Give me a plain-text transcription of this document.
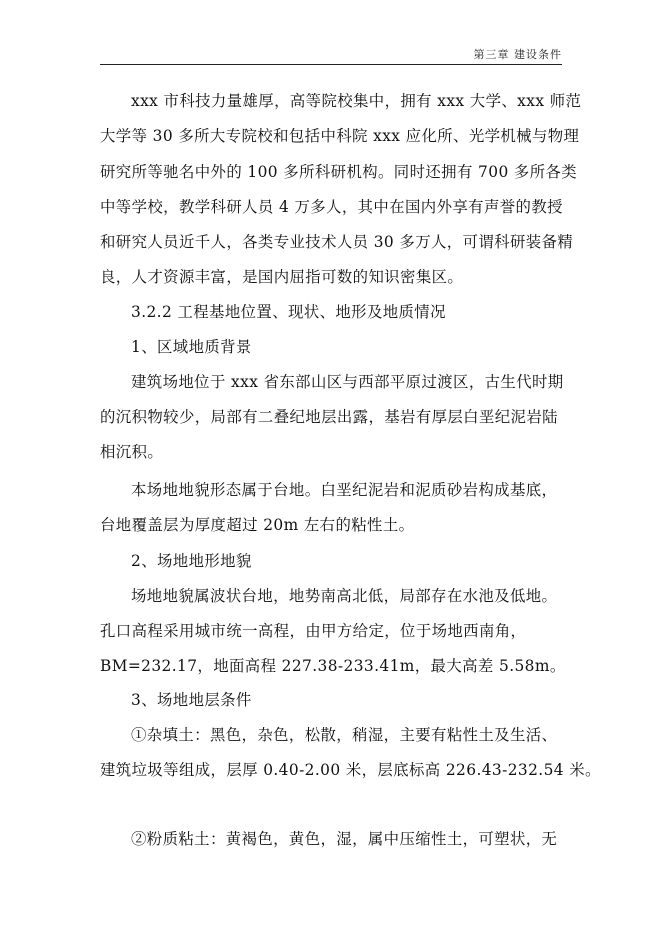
第三章 建设条件
xxx 市科技力量雄厚，高等院校集中，拥有 xxx 大学、xxx 师范
大学等 30 多所大专院校和包括中科院 xxx 应化所、光学机械与物理
研究所等驰名中外的 100 多所科研机构。同时还拥有 700 多所各类
中等学校，教学科研人员 4 万多人，其中在国内外享有声誉的教授
和研究人员近千人，各类专业技术人员 30 多万人，可谓科研装备精
良，人才资源丰富，是国内屈指可数的知识密集区。
3.2.2 工程基地位置、现状、地形及地质情况
1、区域地质背景
建筑场地位于 xxx 省东部山区与西部平原过渡区，古生代时期
的沉积物较少，局部有二叠纪地层出露，基岩有厚层白垩纪泥岩陆
相沉积。
本场地地貌形态属于台地。白垩纪泥岩和泥质砂岩构成基底，
台地覆盖层为厚度超过 20m 左右的粘性土。
2、场地地形地貌
场地地貌属波状台地，地势南高北低，局部存在水池及低地。
孔口高程采用城市统一高程，由甲方给定，位于场地西南角，
BM=232.17，地面高程 227.38-233.41m，最大高差 5.58m。
3、场地地层条件
①杂填土：黑色，杂色，松散，稍湿，主要有粘性土及生活、
建筑垃圾等组成，层厚 0.40-2.00 米，层底标高 226.43-232.54 米。
②粉质粘土：黄褐色，黄色，湿，属中压缩性土，可塑状，无
